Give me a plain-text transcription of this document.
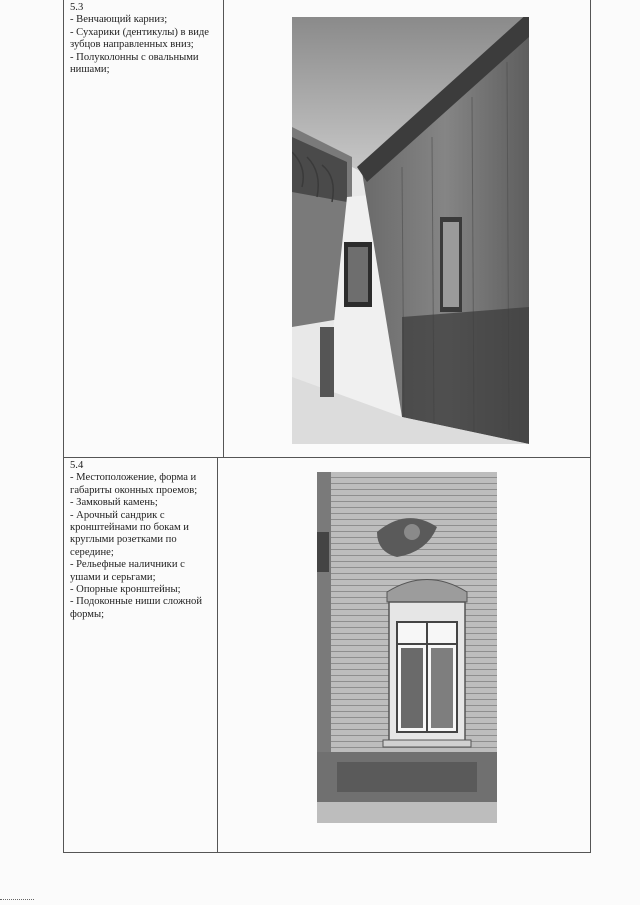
5.3

- Венчающий карниз;

- Сухарики (дентикулы) в виде зубцов направленных вниз;

- Полуколонны с овальными нишами;

5.4

- Местоположение, форма и габариты оконных проемов;

- Замковый камень;

- Арочный сандрик с кронштейнами по бокам и круглыми розетками по середине;

- Рельефные наличники с ушами и серьгами;

- Опорные кронштейны;

- Подоконные ниши сложной формы;
